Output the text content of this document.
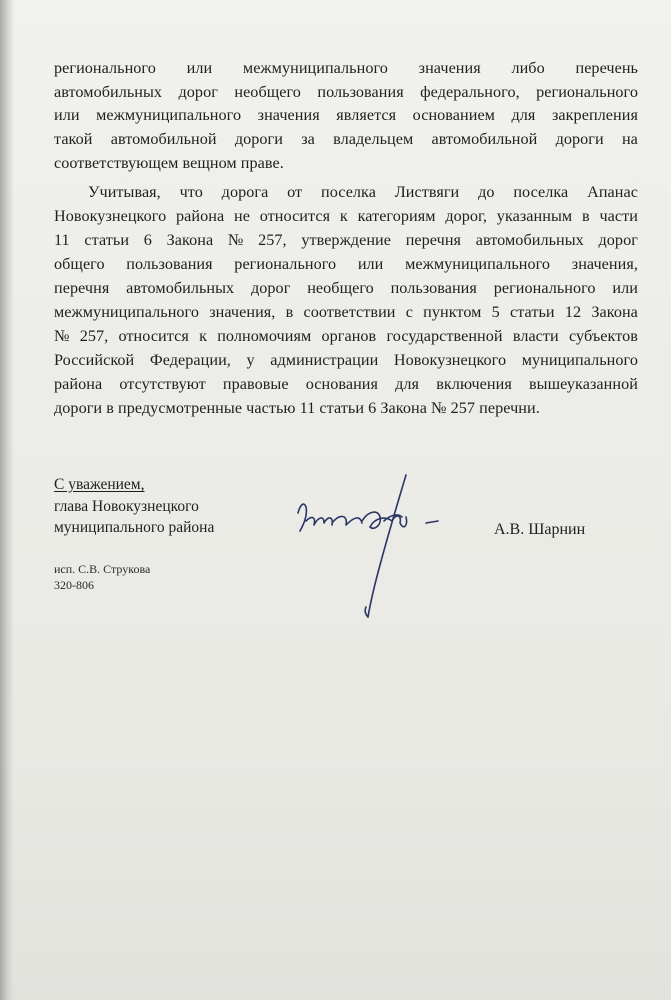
регионального или межмуниципального значения либо перечень
автомобильных дорог необщего пользования федерального, регионального
или межмуниципального значения является основанием для закрепления
такой автомобильной дороги за владельцем автомобильной дороги на
соответствующем вещном праве.
Учитывая, что дорога от поселка Листвяги до поселка Апанас
Новокузнецкого района не относится к категориям дорог, указанным в части
11 статьи 6 Закона № 257, утверждение перечня автомобильных дорог
общего пользования регионального или межмуниципального значения,
перечня автомобильных дорог необщего пользования регионального или
межмуниципального значения, в соответствии с пунктом 5 статьи 12 Закона
№ 257, относится к полномочиям органов государственной власти субъектов
Российской Федерации, у администрации Новокузнецкого муниципального
района отсутствуют правовые основания для включения вышеуказанной
дороги в предусмотренные частью 11 статьи 6 Закона № 257 перечни.
С уважением,
глава Новокузнецкого
муниципального района	А.В. Шарнин
исп. С.В. Струкова
320-806
